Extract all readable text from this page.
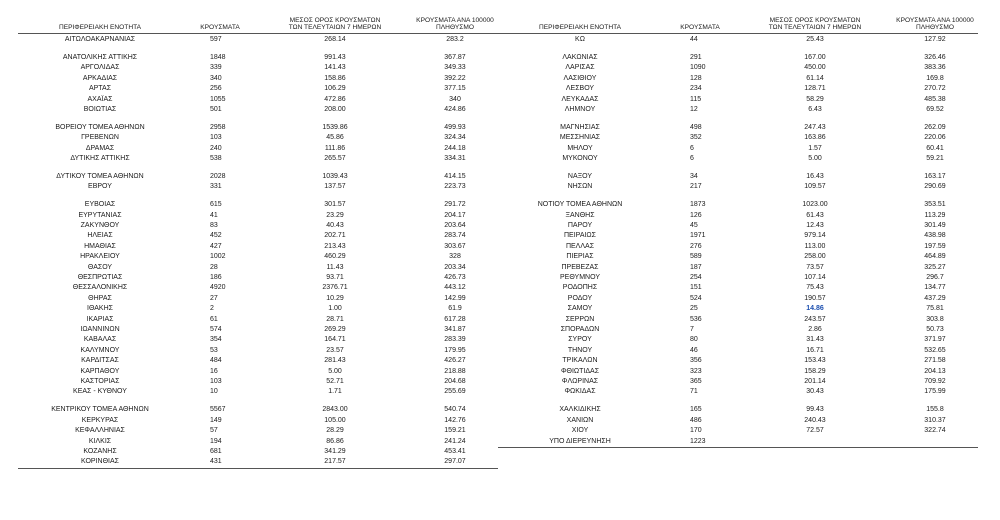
ΠΕΡΙΦΕΡΕΙΑΚΗ ΕΝΟΤΗΤΑ	ΚΡΟΥΣΜΑΤΑ
ΜΕΣΟΣ ΟΡΟΣ ΚΡΟΥΣΜΑΤΩΝ
ΤΩΝ ΤΕΛΕΥΤΑΙΩΝ 7 ΗΜΕΡΩΝ
ΚΡΟΥΣΜΑΤΑ ΑΝΑ 100000
ΠΛΗΘΥΣΜΟ
ΑΙΤΩΛΟΑΚΑΡΝΑΝΙΑΣ	597	268.14	283.2
ΑΝΑΤΟΛΙΚΗΣ ΑΤΤΙΚΗΣ	1848	991.43	367.87
ΑΡΓΟΛΙΔΑΣ	339	141.43	349.33
ΑΡΚΑΔΙΑΣ	340	158.86	392.22
ΑΡΤΑΣ	256	106.29	377.15
ΑΧΑΪΑΣ	1055	472.86	340
ΒΟΙΩΤΙΑΣ	501	208.00	424.86
ΒΟΡΕΙΟΥ ΤΟΜΕΑ ΑΘΗΝΩΝ	2958	1539.86	499.93
ΓΡΕΒΕΝΩΝ	103	45.86	324.34
ΔΡΑΜΑΣ	240	111.86	244.18
ΔΥΤΙΚΗΣ ΑΤΤΙΚΗΣ	538	265.57	334.31
ΔΥΤΙΚΟΥ ΤΟΜΕΑ ΑΘΗΝΩΝ	2028	1039.43	414.15
ΕΒΡΟΥ	331	137.57	223.73
ΕΥΒΟΙΑΣ	615	301.57	291.72
ΕΥΡΥΤΑΝΙΑΣ	41	23.29	204.17
ΖΑΚΥΝΘΟΥ	83	40.43	203.64
ΗΛΕΙΑΣ	452	202.71	283.74
ΗΜΑΘΙΑΣ	427	213.43	303.67
ΗΡΑΚΛΕΙΟΥ	1002	460.29	328
ΘΑΣΟΥ	28	11.43	203.34
ΘΕΣΠΡΩΤΙΑΣ	186	93.71	426.73
ΘΕΣΣΑΛΟΝΙΚΗΣ	4920	2376.71	443.12
ΘΗΡΑΣ	27	10.29	142.99
ΙΘΑΚΗΣ	2	1.00	61.9
ΙΚΑΡΙΑΣ	61	28.71	617.28
ΙΩΑΝΝΙΝΩΝ	574	269.29	341.87
ΚΑΒΑΛΑΣ	354	164.71	283.39
ΚΑΛΥΜΝΟΥ	53	23.57	179.95
ΚΑΡΔΙΤΣΑΣ	484	281.43	426.27
ΚΑΡΠΑΘΟΥ	16	5.00	218.88
ΚΑΣΤΟΡΙΑΣ	103	52.71	204.68
ΚΕΑΣ - ΚΥΘΝΟΥ	10	1.71	255.69
ΚΕΝΤΡΙΚΟΥ ΤΟΜΕΑ ΑΘΗΝΩΝ	5567	2843.00	540.74
ΚΕΡΚΥΡΑΣ	149	105.00	142.76
ΚΕΦΑΛΛΗΝΙΑΣ	57	28.29	159.21
ΚΙΛΚΙΣ	194	86.86	241.24
ΚΟΖΑΝΗΣ	681	341.29	453.41
ΚΟΡΙΝΘΙΑΣ	431	217.57	297.07
ΠΕΡΙΦΕΡΕΙΑΚΗ ΕΝΟΤΗΤΑ	ΚΡΟΥΣΜΑΤΑ
ΜΕΣΟΣ ΟΡΟΣ ΚΡΟΥΣΜΑΤΩΝ
ΤΩΝ ΤΕΛΕΥΤΑΙΩΝ 7 ΗΜΕΡΩΝ
ΚΡΟΥΣΜΑΤΑ ΑΝΑ 100000
ΠΛΗΘΥΣΜΟ
ΚΩ	44	25.43	127.92
ΛΑΚΩΝΙΑΣ	291	167.00	326.46
ΛΑΡΙΣΑΣ	1090	450.00	383.36
ΛΑΣΙΘΙΟΥ	128	61.14	169.8
ΛΕΣΒΟΥ	234	128.71	270.72
ΛΕΥΚΑΔΑΣ	115	58.29	485.38
ΛΗΜΝΟΥ	12	6.43	69.52
ΜΑΓΝΗΣΙΑΣ	498	247.43	262.09
ΜΕΣΣΗΝΙΑΣ	352	163.86	220.06
ΜΗΛΟΥ	6	1.57	60.41
ΜΥΚΟΝΟΥ	6	5.00	59.21
ΝΑΞΟΥ	34	16.43	163.17
ΝΗΣΩΝ	217	109.57	290.69
ΝΟΤΙΟΥ ΤΟΜΕΑ ΑΘΗΝΩΝ	1873	1023.00	353.51
ΞΑΝΘΗΣ	126	61.43	113.29
ΠΑΡΟΥ	45	12.43	301.49
ΠΕΙΡΑΙΩΣ	1971	979.14	438.98
ΠΕΛΛΑΣ	276	113.00	197.59
ΠΙΕΡΙΑΣ	589	258.00	464.89
ΠΡΕΒΕΖΑΣ	187	73.57	325.27
ΡΕΘΥΜΝΟΥ	254	107.14	296.7
ΡΟΔΟΠΗΣ	151	75.43	134.77
ΡΟΔΟΥ	524	190.57	437.29
ΣΑΜΟΥ	25	14.86	75.81
ΣΕΡΡΩΝ	536	243.57	303.8
ΣΠΟΡΑΔΩΝ	7	2.86	50.73
ΣΥΡΟΥ	80	31.43	371.97
ΤΗΝΟΥ	46	16.71	532.65
ΤΡΙΚΑΛΩΝ	356	153.43	271.58
ΦΘΙΩΤΙΔΑΣ	323	158.29	204.13
ΦΛΩΡΙΝΑΣ	365	201.14	709.92
ΦΩΚΙΔΑΣ	71	30.43	175.99
ΧΑΛΚΙΔΙΚΗΣ	165	99.43	155.8
ΧΑΝΙΩΝ	486	240.43	310.37
ΧΙΟΥ	170	72.57	322.74
ΥΠΟ ΔΙΕΡΕΥΝΗΣΗ	1223
